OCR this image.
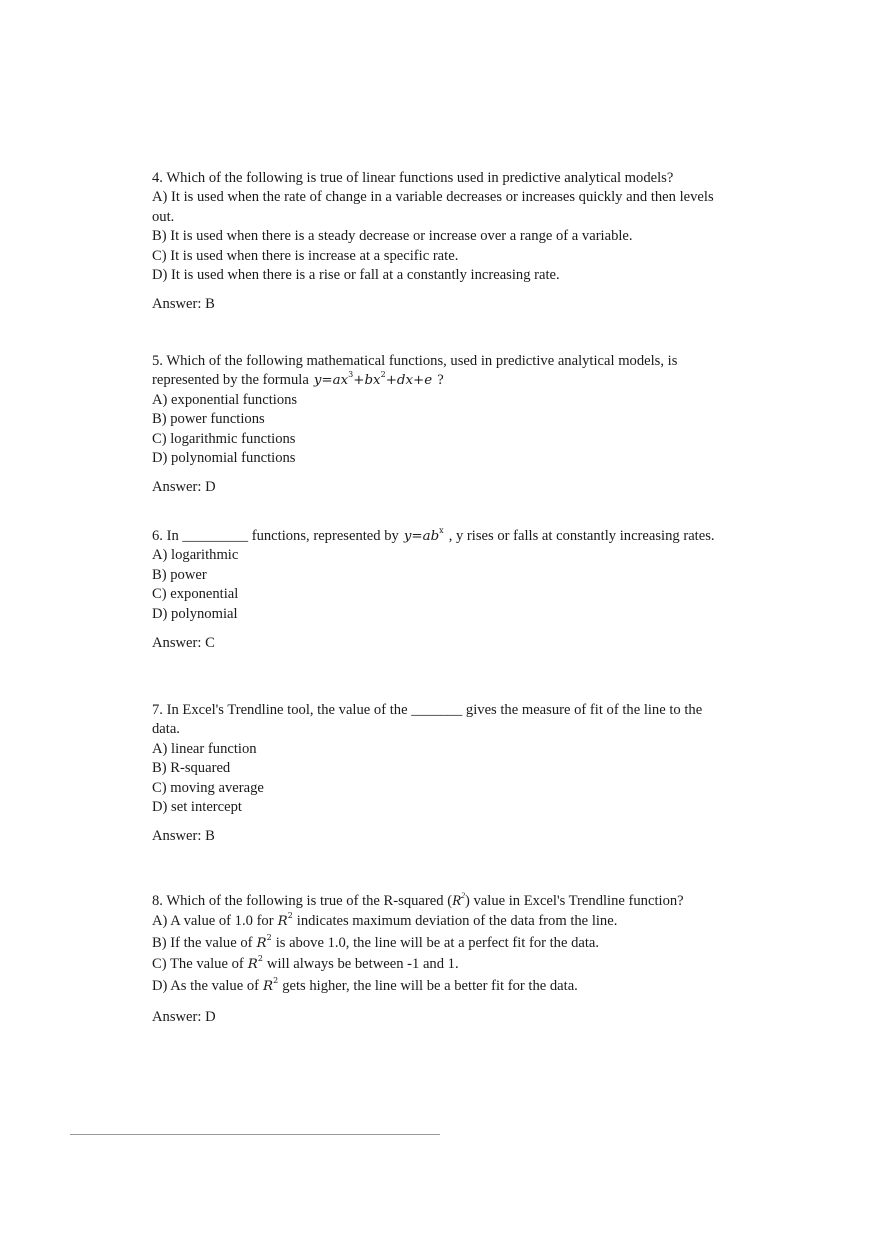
4. Which of the following is true of linear functions used in predictive analytical models?
A) It is used when the rate of change in a variable decreases or increases quickly and then levels out.
B) It is used when there is a steady decrease or increase over a range of a variable.
C) It is used when there is increase at a specific rate.
D) It is used when there is a rise or fall at a constantly increasing rate.
Answer: B
5. Which of the following mathematical functions, used in predictive analytical models, is represented by the formula $y=ax^3+bx^2+dx+e$ ?
A) exponential functions
B) power functions
C) logarithmic functions
D) polynomial functions
Answer: D
6. In _________ functions, represented by $y=ab^x$ , y rises or falls at constantly increasing rates.
A) logarithmic
B) power
C) exponential
D) polynomial
Answer: C
7. In Excel's Trendline tool, the value of the _______ gives the measure of fit of the line to the data.
A) linear function
B) R-squared
C) moving average
D) set intercept
Answer: B
8. Which of the following is true of the R-squared $(R^2)$ value in Excel's Trendline function?
A) A value of 1.0 for $R^2$ indicates maximum deviation of the data from the line.
B) If the value of $R^2$ is above 1.0, the line will be at a perfect fit for the data.
C) The value of $R^2$ will always be between -1 and 1.
D) As the value of $R^2$ gets higher, the line will be a better fit for the data.
Answer: D
